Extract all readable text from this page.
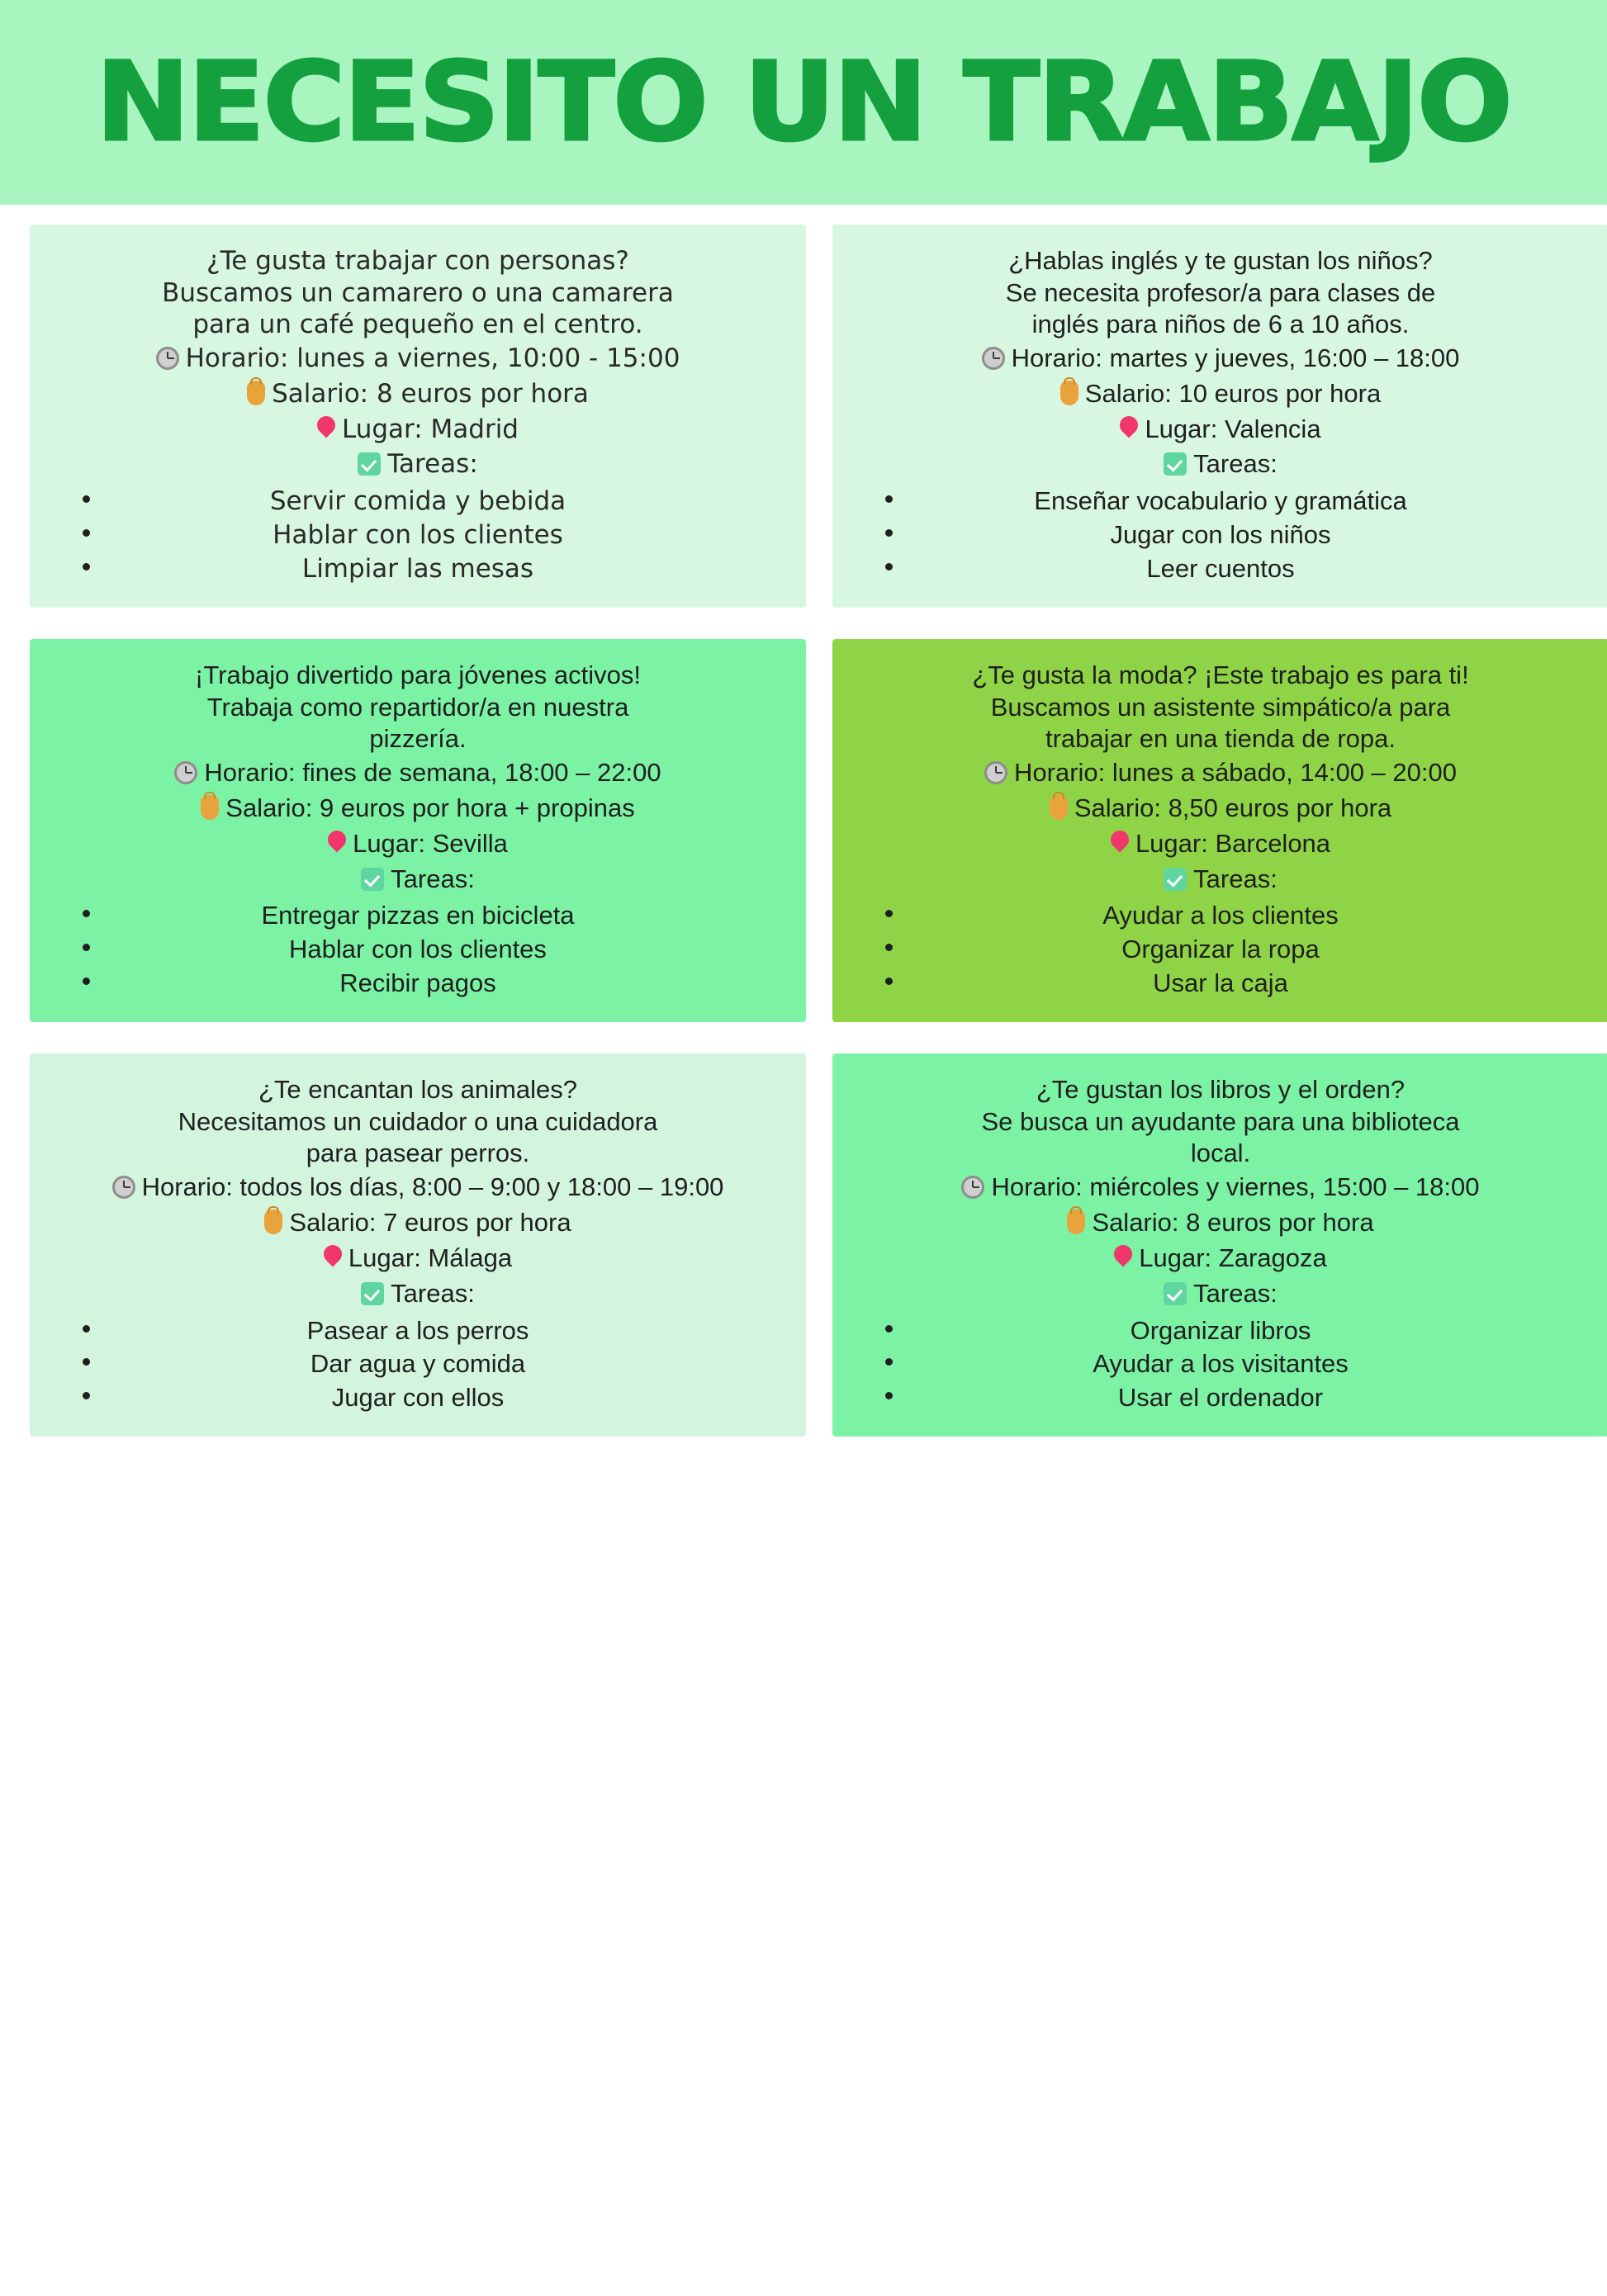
NECESITO UN TRABAJO

¿Te gusta trabajar con personas?

Buscamos un camarero o una camarera

para un café pequeño en el centro.

Horario: lunes a viernes, 10:00 - 15:00
Salario: 8 euros por hora
Lugar: Madrid
Tareas:
Servir comida y bebida
Hablar con los clientes
Limpiar las mesas

¿Hablas inglés y te gustan los niños?

Se necesita profesor/a para clases de

inglés para niños de 6 a 10 años.

Horario: martes y jueves, 16:00 – 18:00
Salario: 10 euros por hora
Lugar: Valencia
Tareas:
Enseñar vocabulario y gramática
Jugar con los niños
Leer cuentos

¡Trabajo divertido para jóvenes activos!

Trabaja como repartidor/a en nuestra

pizzería.

Horario: fines de semana, 18:00 – 22:00
Salario: 9 euros por hora + propinas
Lugar: Sevilla
Tareas:
Entregar pizzas en bicicleta
Hablar con los clientes
Recibir pagos

¿Te gusta la moda? ¡Este trabajo es para ti!

Buscamos un asistente simpático/a para

trabajar en una tienda de ropa.

Horario: lunes a sábado, 14:00 – 20:00
Salario: 8,50 euros por hora
Lugar: Barcelona
Tareas:
Ayudar a los clientes
Organizar la ropa
Usar la caja

¿Te encantan los animales?

Necesitamos un cuidador o una cuidadora

para pasear perros.

Horario: todos los días, 8:00 – 9:00 y 18:00 – 19:00
Salario: 7 euros por hora
Lugar: Málaga
Tareas:
Pasear a los perros
Dar agua y comida
Jugar con ellos

¿Te gustan los libros y el orden?

Se busca un ayudante para una biblioteca

local.

Horario: miércoles y viernes, 15:00 – 18:00
Salario: 8 euros por hora
Lugar: Zaragoza
Tareas:
Organizar libros
Ayudar a los visitantes
Usar el ordenador
